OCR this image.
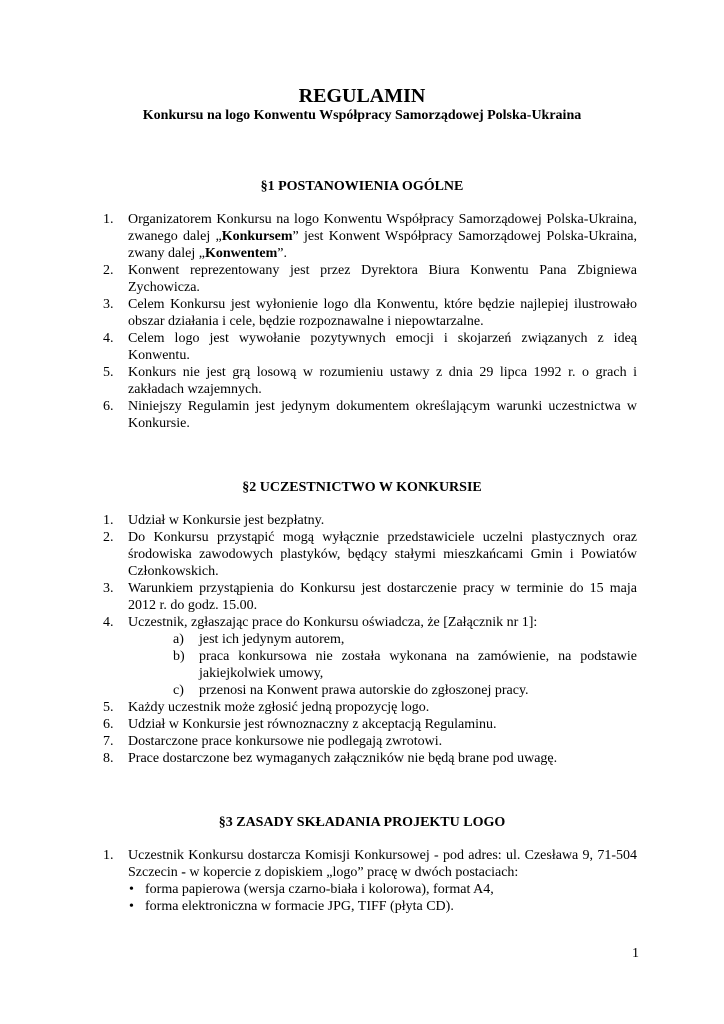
REGULAMIN
Konkursu na logo Konwentu Współpracy Samorządowej Polska-Ukraina
§1 POSTANOWIENIA OGÓLNE
1.	Organizatorem Konkursu na logo Konwentu Współpracy Samorządowej Polska-Ukraina, zwanego dalej „Konkursem” jest Konwent Współpracy Samorządowej Polska-Ukraina, zwany dalej „Konwentem”.
2.	Konwent reprezentowany jest przez Dyrektora Biura Konwentu Pana Zbigniewa Zychowicza.
3.	Celem Konkursu jest wyłonienie logo dla Konwentu, które będzie najlepiej ilustrowało obszar działania i cele, będzie rozpoznawalne i niepowtarzalne.
4.	Celem logo jest wywołanie pozytywnych emocji i skojarzeń związanych z ideą Konwentu.
5.	Konkurs nie jest grą losową w rozumieniu ustawy z dnia 29 lipca 1992 r. o grach i zakładach wzajemnych.
6.	Niniejszy Regulamin jest jedynym dokumentem określającym warunki uczestnictwa w Konkursie.
§2 UCZESTNICTWO W KONKURSIE
1.	Udział w Konkursie jest bezpłatny.
2.	Do Konkursu przystąpić mogą wyłącznie przedstawiciele uczelni plastycznych oraz środowiska zawodowych plastyków, będący stałymi mieszkańcami Gmin i Powiatów Członkowskich.
3.	Warunkiem przystąpienia do Konkursu jest dostarczenie pracy w terminie do 15 maja 2012 r. do godz. 15.00.
4.	Uczestnik, zgłaszając prace do Konkursu oświadcza, że [Załącznik nr 1]:
a) jest ich jedynym autorem,
b) praca konkursowa nie została wykonana na zamówienie, na podstawie jakiejkolwiek umowy,
c) przenosi na Konwent prawa autorskie do zgłoszonej pracy.
5.	Każdy uczestnik może zgłosić jedną propozycję logo.
6.	Udział w Konkursie jest równoznaczny z akceptacją Regulaminu.
7.	Dostarczone prace konkursowe nie podlegają zwrotowi.
8.	Prace dostarczone bez wymaganych załączników nie będą brane pod uwagę.
§3 ZASADY SKŁADANIA PROJEKTU LOGO
1.	Uczestnik Konkursu dostarcza Komisji Konkursowej - pod adres: ul. Czesława 9, 71-504 Szczecin - w kopercie z dopiskiem „logo” pracę w dwóch postaciach:
• forma papierowa (wersja czarno-biała i kolorowa), format A4,
• forma elektroniczna w formacie JPG, TIFF (płyta CD).
1
